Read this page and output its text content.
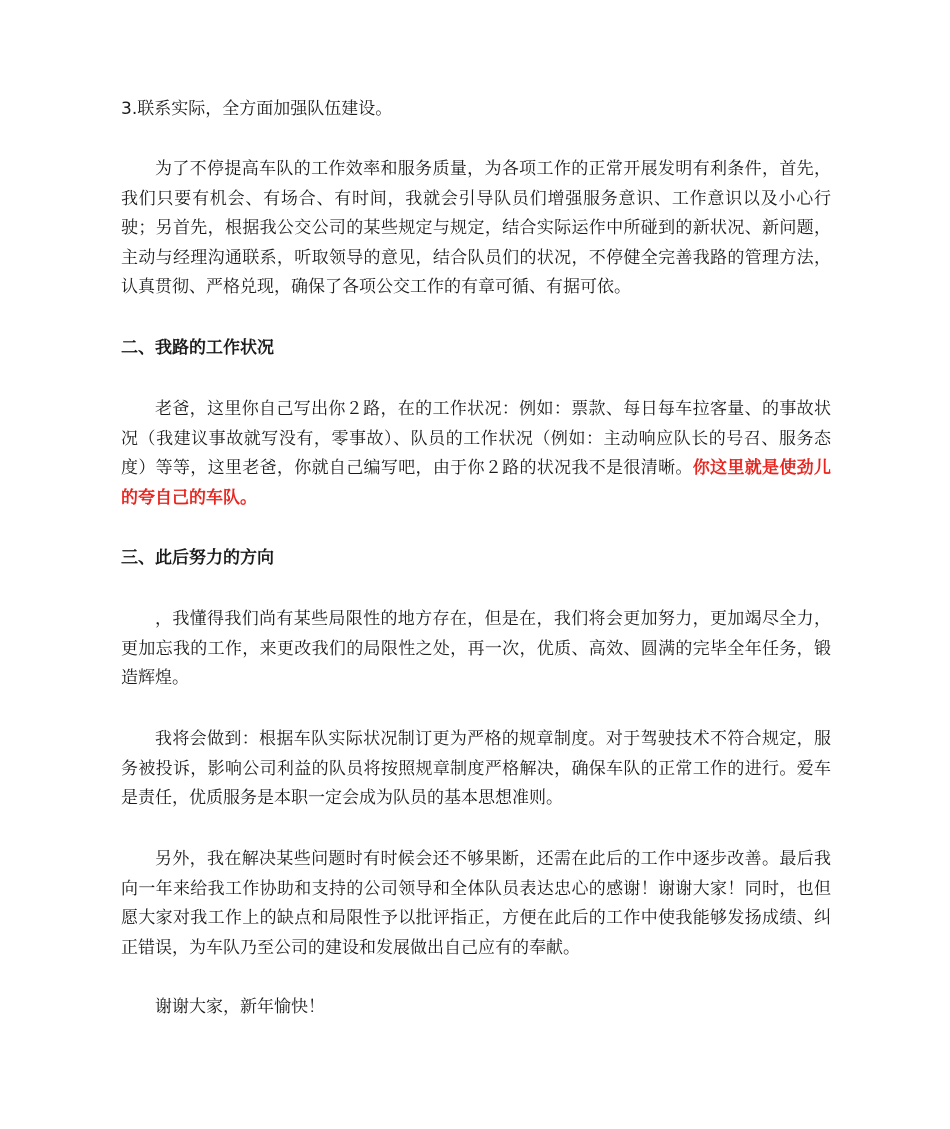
3.联系实际，全方面加强队伍建设。

为了不停提高车队的工作效率和服务质量，为各项工作的正常开展发明有利条件，首先，我们只要有机会、有场合、有时间，我就会引导队员们增强服务意识、工作意识以及小心行驶；另首先，根据我公交公司的某些规定与规定，结合实际运作中所碰到的新状况、新问题，主动与经理沟通联系，听取领导的意见，结合队员们的状况，不停健全完善我路的管理方法，认真贯彻、严格兑现，确保了各项公交工作的有章可循、有据可依。

二、我路的工作状况

老爸，这里你自己写出你２路，在的工作状况：例如：票款、每日每车拉客量、的事故状况（我建议事故就写没有，零事故）、队员的工作状况（例如：主动响应队长的号召、服务态度）等等，这里老爸，你就自己编写吧，由于你２路的状况我不是很清晰。你这里就是使劲儿的夸自己的车队。

三、此后努力的方向

，我懂得我们尚有某些局限性的地方存在，但是在，我们将会更加努力，更加竭尽全力，更加忘我的工作，来更改我们的局限性之处，再一次，优质、高效、圆满的完毕全年任务，锻造辉煌。

我将会做到：根据车队实际状况制订更为严格的规章制度。对于驾驶技术不符合规定，服务被投诉，影响公司利益的队员将按照规章制度严格解决，确保车队的正常工作的进行。爱车是责任，优质服务是本职一定会成为队员的基本思想准则。

另外，我在解决某些问题时有时候会还不够果断，还需在此后的工作中逐步改善。最后我向一年来给我工作协助和支持的公司领导和全体队员表达忠心的感谢！谢谢大家！同时，也但愿大家对我工作上的缺点和局限性予以批评指正，方便在此后的工作中使我能够发扬成绩、纠正错误，为车队乃至公司的建设和发展做出自己应有的奉献。

谢谢大家，新年愉快！
